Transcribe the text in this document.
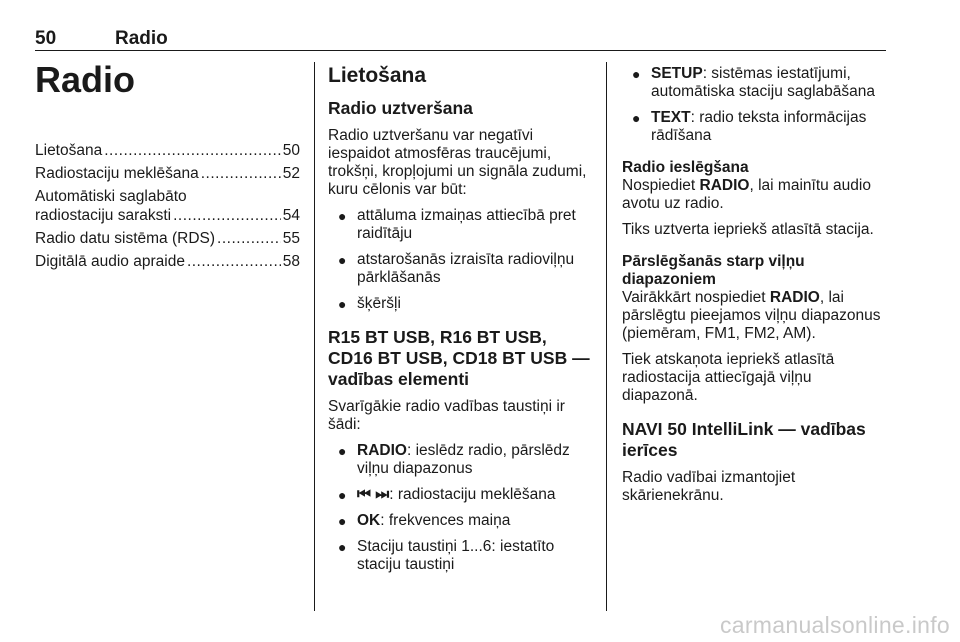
50	Radio
Radio
Lietošana .....	50
Radiostaciju meklēšana .....	52
Automātiski saglabāto
radiostaciju saraksti .....	54
Radio datu sistēma (RDS) .....	55
Digitālā audio apraide .....	58
Lietošana
Radio uztveršana

Radio uztveršanu var negatīvi iespaidot atmosfēras traucējumi, trokšņi, kropļojumi un signāla zudumi, kuru cēlonis var būt:

● attāluma izmaiņas attiecībā pret raidītāju
● atstarošanās izraisīta radioviļņu pārklāšanās
● šķēršļi
R15 BT USB, R16 BT USB, CD16 BT USB, CD18 BT USB — vadības elementi

Svarīgākie radio vadības taustiņi ir šādi:

● RADIO: ieslēdz radio, pārslēdz viļņu diapazonus
● ⏮ ⏭: radiostaciju meklēšana
● OK: frekvences maiņa
● Staciju taustiņi 1...6: iestatīto staciju taustiņi
● SETUP: sistēmas iestatījumi, automātiska staciju saglabāšana
● TEXT: radio teksta informācijas rādīšana
Radio ieslēgšana

Nospiediet RADIO, lai mainītu audio avotu uz radio.

Tiks uztverta iepriekš atlasītā stacija.

Pārslēgšanās starp viļņu diapazoniem

Vairākkārt nospiediet RADIO, lai pārslēgtu pieejamos viļņu diapazonus (piemēram, FM1, FM2, AM).

Tiek atskaņota iepriekš atlasītā radiostacija attiecīgajā viļņu diapazonā.

NAVI 50 IntelliLink — vadības ierīces

Radio vadībai izmantojiet skārienekrānu.

carmanualsonline.info
